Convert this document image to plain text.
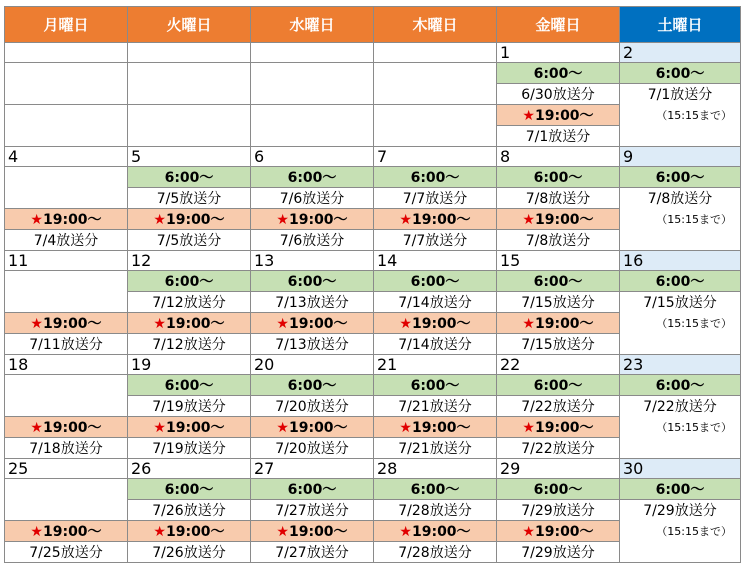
月曜日	火曜日	水曜日	木曜日	金曜日	土曜日
				1	2
				6:00〜	6:00〜
				6/30放送分	7/1放送分
				★19:00〜	（15:15まで）
				7/1放送分	
4	5	6	7	8	9
	6:00〜	6:00〜	6:00〜	6:00〜	6:00〜
	7/5放送分	7/6放送分	7/7放送分	7/8放送分	7/8放送分
★19:00〜	★19:00〜	★19:00〜	★19:00〜	★19:00〜	（15:15まで）
7/4放送分	7/5放送分	7/6放送分	7/7放送分	7/8放送分	
11	12	13	14	15	16
	6:00〜	6:00〜	6:00〜	6:00〜	6:00〜
	7/12放送分	7/13放送分	7/14放送分	7/15放送分	7/15放送分
★19:00〜	★19:00〜	★19:00〜	★19:00〜	★19:00〜	（15:15まで）
7/11放送分	7/12放送分	7/13放送分	7/14放送分	7/15放送分	
18	19	20	21	22	23
	6:00〜	6:00〜	6:00〜	6:00〜	6:00〜
	7/19放送分	7/20放送分	7/21放送分	7/22放送分	7/22放送分
★19:00〜	★19:00〜	★19:00〜	★19:00〜	★19:00〜	（15:15まで）
7/18放送分	7/19放送分	7/20放送分	7/21放送分	7/22放送分	
25	26	27	28	29	30
	6:00〜	6:00〜	6:00〜	6:00〜	6:00〜
	7/26放送分	7/27放送分	7/28放送分	7/29放送分	7/29放送分
★19:00〜	★19:00〜	★19:00〜	★19:00〜	★19:00〜	（15:15まで）
7/25放送分	7/26放送分	7/27放送分	7/28放送分	7/29放送分	
